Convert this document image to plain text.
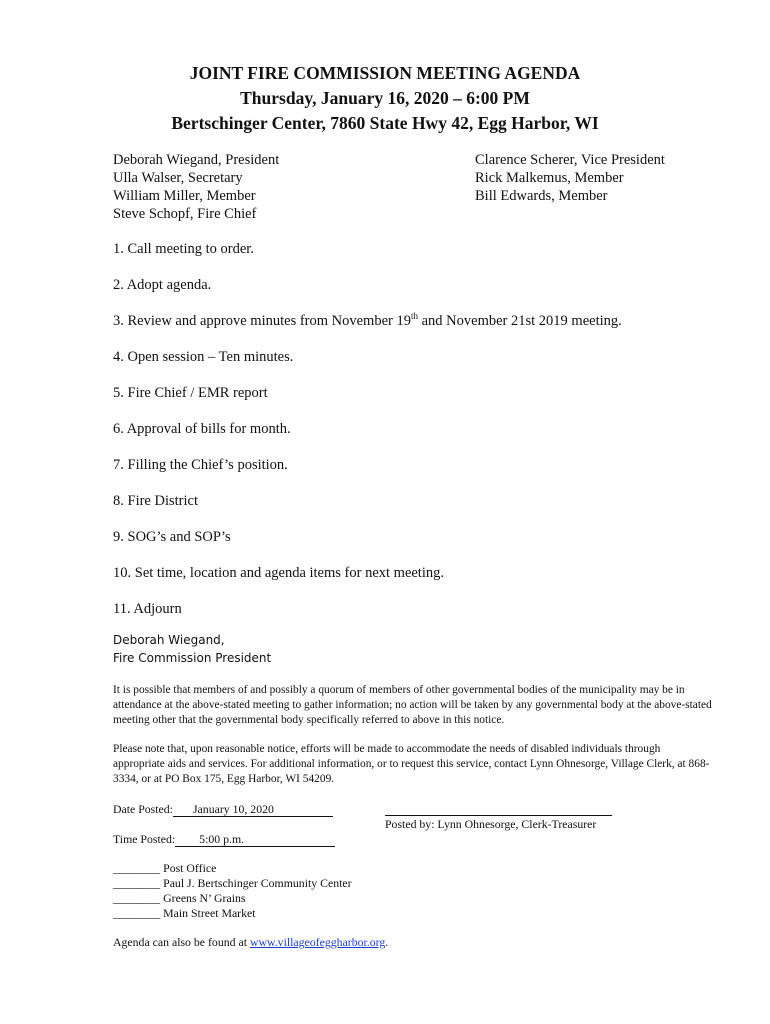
JOINT FIRE COMMISSION MEETING AGENDA
Thursday, January 16, 2020 – 6:00 PM
Bertschinger Center, 7860 State Hwy 42, Egg Harbor, WI
Deborah Wiegand, President
Ulla Walser, Secretary
William Miller, Member
Steve Schopf, Fire Chief
Clarence Scherer, Vice President
Rick Malkemus, Member
Bill Edwards, Member
1. Call meeting to order.
2. Adopt agenda.
3. Review and approve minutes from November 19th and November 21st 2019 meeting.
4. Open session – Ten minutes.
5. Fire Chief / EMR report
6. Approval of bills for month.
7. Filling the Chief’s position.
8. Fire District
9. SOG’s and SOP’s
10. Set time, location and agenda items for next meeting.
11. Adjourn
Deborah Wiegand,
Fire Commission President
It is possible that members of and possibly a quorum of members of other governmental bodies of the municipality may be in attendance at the above-stated meeting to gather information; no action will be taken by any governmental body at the above-stated meeting other that the governmental body specifically referred to above in this notice.
Please note that, upon reasonable notice, efforts will be made to accommodate the needs of disabled individuals through appropriate aids and services. For additional information, or to request this service, contact Lynn Ohnesorge, Village Clerk, at 868-3334, or at PO Box 175, Egg Harbor, WI 54209.
Date Posted: January 10, 2020
Time Posted: 5:00 p.m.
Posted by: Lynn Ohnesorge, Clerk-Treasurer
________ Post Office
________ Paul J. Bertschinger Community Center
________ Greens N’ Grains
________ Main Street Market
Agenda can also be found at www.villageofeggharbor.org.
